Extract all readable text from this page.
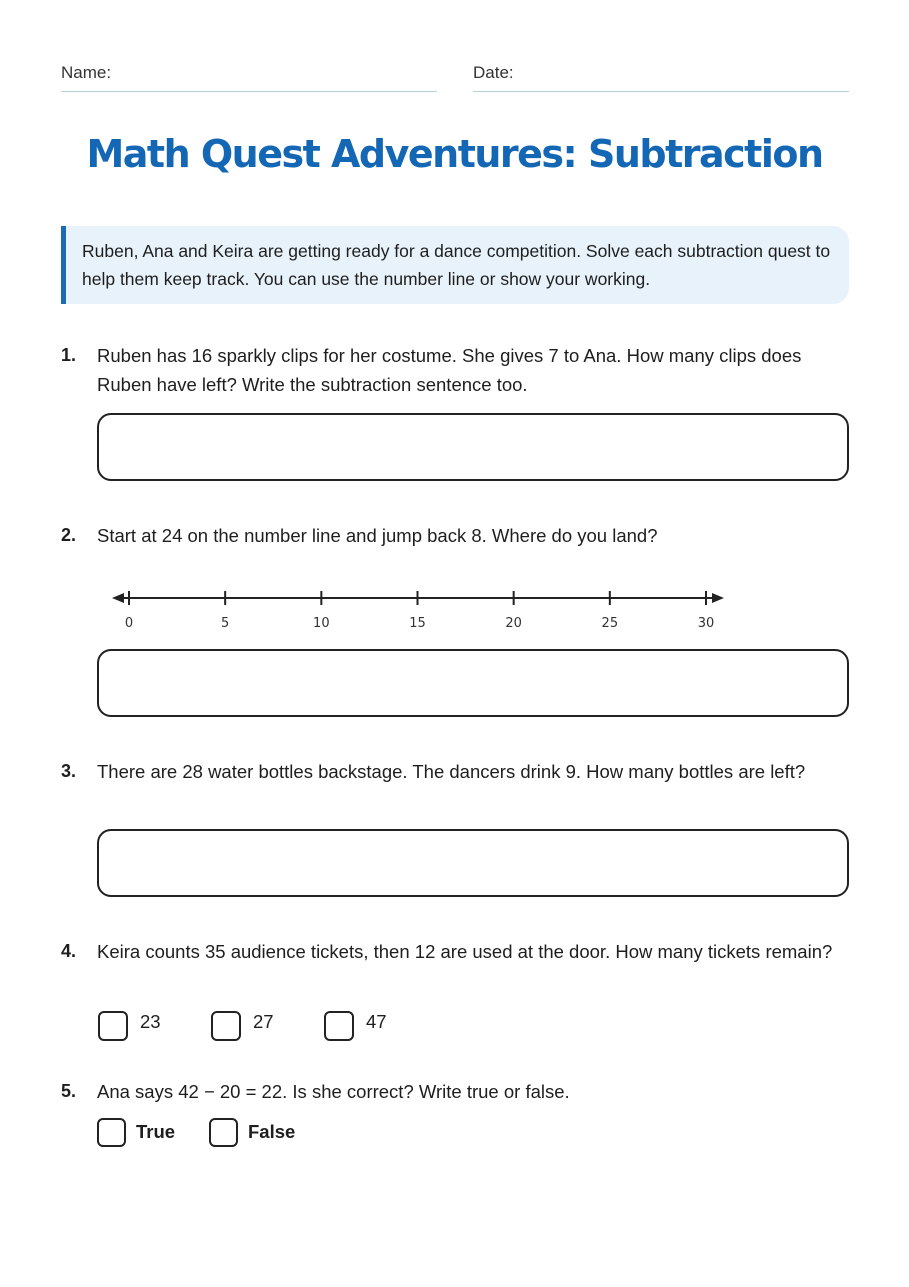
Name:	Date:
Math Quest Adventures: Subtraction
Ruben, Ana and Keira are getting ready for a dance competition. Solve each subtraction quest to help them keep track. You can use the number line or show your working.
1. Ruben has 16 sparkly clips for her costume. She gives 7 to Ana. How many clips does Ruben have left? Write the subtraction sentence too.
2. Start at 24 on the number line and jump back 8. Where do you land?
0	5	10	15	20	25	30
3. There are 28 water bottles backstage. The dancers drink 9. How many bottles are left?
4. Keira counts 35 audience tickets, then 12 are used at the door. How many tickets remain?
23	27	47
5. Ana says 42 − 20 = 22. Is she correct? Write true or false.
True	False
